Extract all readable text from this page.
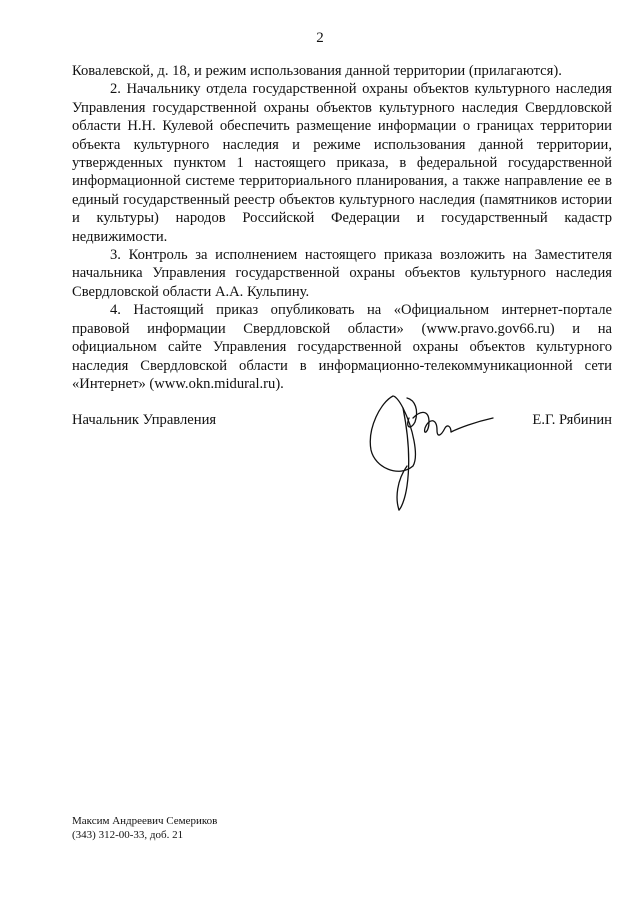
2

Ковалевской, д. 18, и режим использования данной территории (прилагаются).

2. Начальнику отдела государственной охраны объектов культурного наследия Управления государственной охраны объектов культурного наследия Свердловской области Н.Н. Кулевой обеспечить размещение информации о границах территории объекта культурного наследия и режиме использования данной территории, утвержденных пунктом 1 настоящего приказа, в федеральной государственной информационной системе территориального планирования, а также направление ее в единый государственный реестр объектов культурного наследия (памятников истории и культуры) народов Российской Федерации и государственный кадастр недвижимости.

3. Контроль за исполнением настоящего приказа возложить на Заместителя начальника Управления государственной охраны объектов культурного наследия Свердловской области А.А. Кульпину.

4. Настоящий приказ опубликовать на «Официальном интернет-портале правовой информации Свердловской области» (www.pravo.gov66.ru) и на официальном сайте Управления государственной охраны объектов культурного наследия Свердловской области в информационно-телекоммуникационной сети «Интернет» (www.okn.midural.ru).

Начальник Управления	Е.Г. Рябинин
Максим Андреевич Семериков
(343) 312-00-33, доб. 21
